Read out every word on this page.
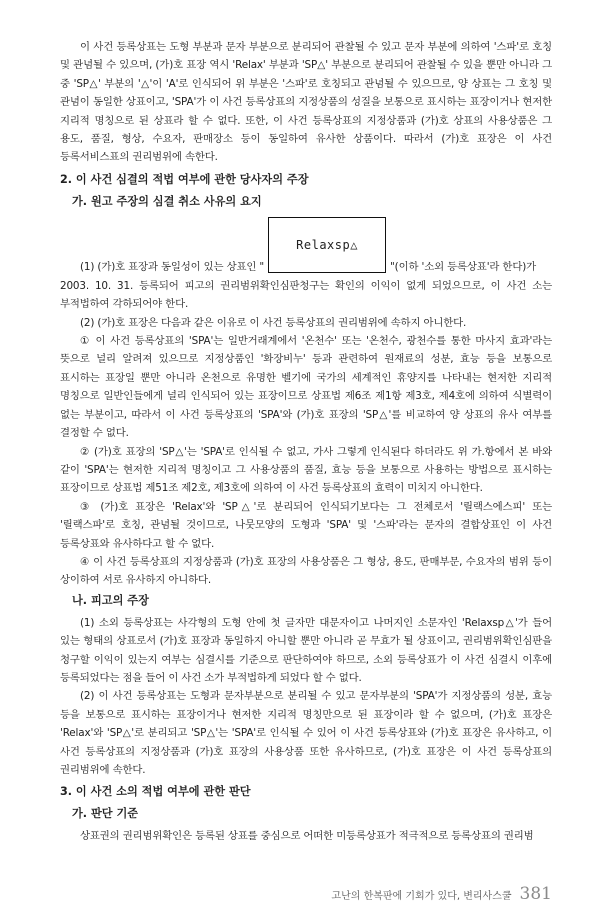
이 사건 등록상표는 도형 부분과 문자 부분으로 분리되어 관찰될 수 있고 문자 부분에 의하여 '스파'로 호칭 및 관념될 수 있으며, (가)호 표장 역시 'Relax' 부분과 'SP△' 부분으로 분리되어 관찰될 수 있을 뿐만 아니라 그 중 'SP△' 부분의 '△'이 'A'로 인식되어 위 부분은 '스파'로 호칭되고 관념될 수 있으므로, 양 상표는 그 호칭 및 관념이 동일한 상표이고, 'SPA'가 이 사건 등록상표의 지정상품의 성질을 보통으로 표시하는 표장이거나 현저한 지리적 명칭으로 된 상표라 할 수 없다. 또한, 이 사건 등록상표의 지정상품과 (가)호 상표의 사용상품은 그 용도, 품질, 형상, 수요자, 판매장소 등이 동일하여 유사한 상품이다. 따라서 (가)호 표장은 이 사건 등록서비스표의 권리범위에 속한다.

2. 이 사건 심결의 적법 여부에 관한 당사자의 주장
가. 원고 주장의 심결 취소 사유의 요지

(1) (가)호 표장과 동일성이 있는 상표인 "

Relaxsp△

"(이하 '소외 등록상표'라 한다)가

2003. 10. 31. 등록되어 피고의 권리범위확인심판청구는 확인의 이익이 없게 되었으므로, 이 사건 소는 부적법하여 각하되어야 한다.

(2) (가)호 표장은 다음과 같은 이유로 이 사건 등록상표의 권리범위에 속하지 아니한다.

① 이 사건 등록상표의 'SPA'는 일반거래계에서 '온천수' 또는 '온천수, 광천수를 통한 마사지 효과'라는 뜻으로 널리 알려져 있으므로 지정상품인 '화장비누' 등과 관련하여 원재료의 성분, 효능 등을 보통으로 표시하는 표장일 뿐만 아니라 온천으로 유명한 벨기에 국가의 세계적인 휴양지를 나타내는 현저한 지리적 명칭으로 일반인들에게 널리 인식되어 있는 표장이므로 상표법 제6조 제1항 제3호, 제4호에 의하여 식별력이 없는 부분이고, 따라서 이 사건 등록상표의 'SPA'와 (가)호 표장의 'SP△'를 비교하여 양 상표의 유사 여부를 결정할 수 없다.

② (가)호 표장의 'SP△'는 'SPA'로 인식될 수 없고, 가사 그렇게 인식된다 하더라도 위 가.항에서 본 바와 같이 'SPA'는 현저한 지리적 명칭이고 그 사용상품의 품질, 효능 등을 보통으로 사용하는 방법으로 표시하는 표장이므로 상표법 제51조 제2호, 제3호에 의하여 이 사건 등록상표의 효력이 미치지 아니한다.

③ (가)호 표장은 'Relax'와 'SP△'로 분리되어 인식되기보다는 그 전체로서 '릴랙스에스피' 또는 '릴랙스파'로 호칭, 관념될 것이므로, 나뭇모양의 도형과 'SPA' 및 '스파'라는 문자의 결합상표인 이 사건 등록상표와 유사하다고 할 수 없다.

④ 이 사건 등록상표의 지정상품과 (가)호 표장의 사용상품은 그 형상, 용도, 판매부문, 수요자의 범위 등이 상이하여 서로 유사하지 아니하다.

나. 피고의 주장

(1) 소외 등록상표는 사각형의 도형 안에 첫 글자만 대문자이고 나머지인 소문자인 'Relaxsp△'가 들어 있는 형태의 상표로서 (가)호 표장과 동일하지 아니할 뿐만 아니라 곧 무효가 될 상표이고, 권리범위확인심판을 청구할 이익이 있는지 여부는 심결시를 기준으로 판단하여야 하므로, 소외 등록상표가 이 사건 심결시 이후에 등록되었다는 점을 들어 이 사건 소가 부적법하게 되었다 할 수 없다.

(2) 이 사건 등록상표는 도형과 문자부분으로 분리될 수 있고 문자부분의 'SPA'가 지정상품의 성분, 효능 등을 보통으로 표시하는 표장이거나 현저한 지리적 명칭만으로 된 표장이라 할 수 없으며, (가)호 표장은 'Relax'와 'SP△'로 분리되고 'SP△'는 'SPA'로 인식될 수 있어 이 사건 등록상표와 (가)호 표장은 유사하고, 이 사건 등록상표의 지정상품과 (가)호 표장의 사용상품 또한 유사하므로, (가)호 표장은 이 사건 등록상표의 권리범위에 속한다.

3. 이 사건 소의 적법 여부에 관한 판단
가. 판단 기준

상표권의 권리범위확인은 등록된 상표를 중심으로 어떠한 미등록상표가 적극적으로 등록상표의 권리범

고난의 한복판에 기회가 있다, 변리사스쿨 381
